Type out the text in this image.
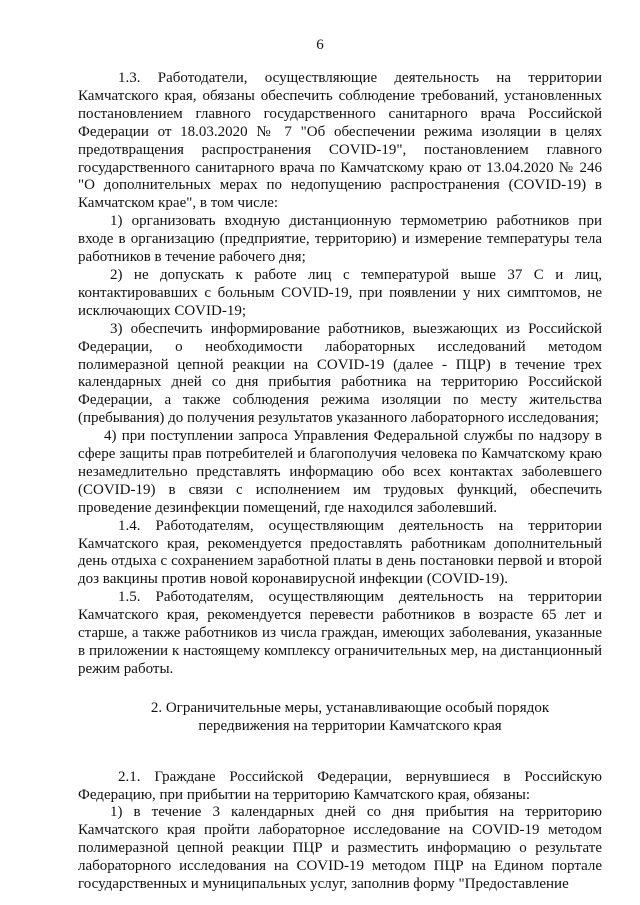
6

1.3. Работодатели, осуществляющие деятельность на территории Камчатского края, обязаны обеспечить соблюдение требований, установленных постановлением главного государственного санитарного врача Российской Федерации от 18.03.2020 № 7 "Об обеспечении режима изоляции в целях предотвращения распространения COVID-19", постановлением главного государственного санитарного врача по Камчатскому краю от 13.04.2020 № 246 "О дополнительных мерах по недопущению распространения (COVID-19) в Камчатском крае", в том числе:

1) организовать входную дистанционную термометрию работников при входе в организацию (предприятие, территорию) и измерение температуры тела работников в течение рабочего дня;

2) не допускать к работе лиц с температурой выше 37 С и лиц, контактировавших с больным COVID-19, при появлении у них симптомов, не исключающих COVID-19;

3) обеспечить информирование работников, выезжающих из Российской Федерации, о необходимости лабораторных исследований методом полимеразной цепной реакции на COVID-19 (далее - ПЦР) в течение трех календарных дней со дня прибытия работника на территорию Российской Федерации, а также соблюдения режима изоляции по месту жительства (пребывания) до получения результатов указанного лабораторного исследования;

4) при поступлении запроса Управления Федеральной службы по надзору в сфере защиты прав потребителей и благополучия человека по Камчатскому краю незамедлительно представлять информацию обо всех контактах заболевшего (COVID-19) в связи с исполнением им трудовых функций, обеспечить проведение дезинфекции помещений, где находился заболевший.

1.4. Работодателям, осуществляющим деятельность на территории Камчатского края, рекомендуется предоставлять работникам дополнительный день отдыха с сохранением заработной платы в день постановки первой и второй доз вакцины против новой коронавирусной инфекции (COVID-19).

1.5. Работодателям, осуществляющим деятельность на территории Камчатского края, рекомендуется перевести работников в возрасте 65 лет и старше, а также работников из числа граждан, имеющих заболевания, указанные в приложении к настоящему комплексу ограничительных мер, на дистанционный режим работы.

2. Ограничительные меры, устанавливающие особый порядок
передвижения на территории Камчатского края

2.1. Граждане Российской Федерации, вернувшиеся в Российскую Федерацию, при прибытии на территорию Камчатского края, обязаны:

1) в течение 3 календарных дней со дня прибытия на территорию Камчатского края пройти лабораторное исследование на COVID-19 методом полимеразной цепной реакции ПЦР и разместить информацию о результате лабораторного исследования на COVID-19 методом ПЦР на Едином портале государственных и муниципальных услуг, заполнив форму "Предоставление
